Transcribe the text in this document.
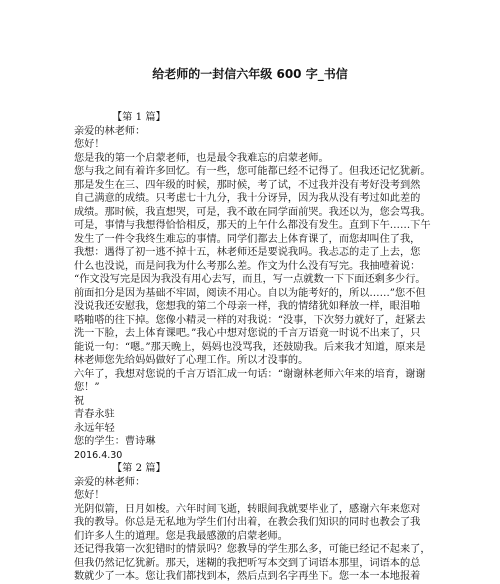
给老师的一封信六年级 600 字_书信
【第 1 篇】
亲爱的林老师：
您好！
您是我的第一个启蒙老师，也是最令我难忘的启蒙老师。
您与我之间有着许多回忆。有一些，您可能都已经不记得了。但我还记忆犹新。
那是发生在三、四年级的时候，那时候，考了试，不过我并没有考好没考到然
自己满意的成绩。只考虑七十九分，我十分讶异，因为我从没有考过如此差的
成绩。那时候，我直想哭，可是，我不敢在同学面前哭。我还以为，您会骂我。
可是，事情与我想得恰恰相反，那天的上午什么都没有发生。直到下午……下午
发生了一件令我终生难忘的事情。同学们都去上体育课了，而您却叫住了我，
我想：遇得了初一逃不掉十五，林老师还是要说我吗。我忐忑的走了上去，您
什么也没说，而是问我为什么考那么差。作文为什么没有写完。我抽噎着说：
“作文没写完是因为我没有用心去写，而且，写一点就数一下下面还剩多少行。
前面扣分是因为基础不牢固，阅读不用心。自以为能考好的，所以……”您不但
没说我还安慰我，您想我的第二个母亲一样，我的情绪犹如释放一样，眼泪啪
嗒啪嗒的往下掉。您像小精灵一样的对我说：“没事，下次努力就好了，赶紧去
洗一下脸，去上体育课吧。”我心中想对您说的千言万语竟一时说不出来了，只
能说一句：“嗯。”那天晚上，妈妈也没骂我，还鼓励我。后来我才知道，原来是
林老师您先给妈妈做好了心理工作。所以才没事的。
六年了，我想对您说的千言万语汇成一句话：“谢谢林老师六年来的培育，谢谢
您！”
祝
青春永驻
永远年轻
您的学生：曹诗琳
2016.4.30
【第 2 篇】
亲爱的林老师：
您好！
光阴似箭，日月如梭。六年时间飞逝，转眼间我就要毕业了，感谢六年来您对
我的教导。你总是无私地为学生们付出着，在教会我们知识的同时也教会了我
们许多人生的道理。您是我最感激的启蒙老师。
还记得我第一次犯错时的情景吗？您教导的学生那么多，可能已经记不起来了，
但我仍然记忆犹新。那天，迷糊的我把听写本交到了词语本那里，词语本的总
数就少了一本。您让我们都找到本，然后点到名字再坐下。您一本一本地报着
